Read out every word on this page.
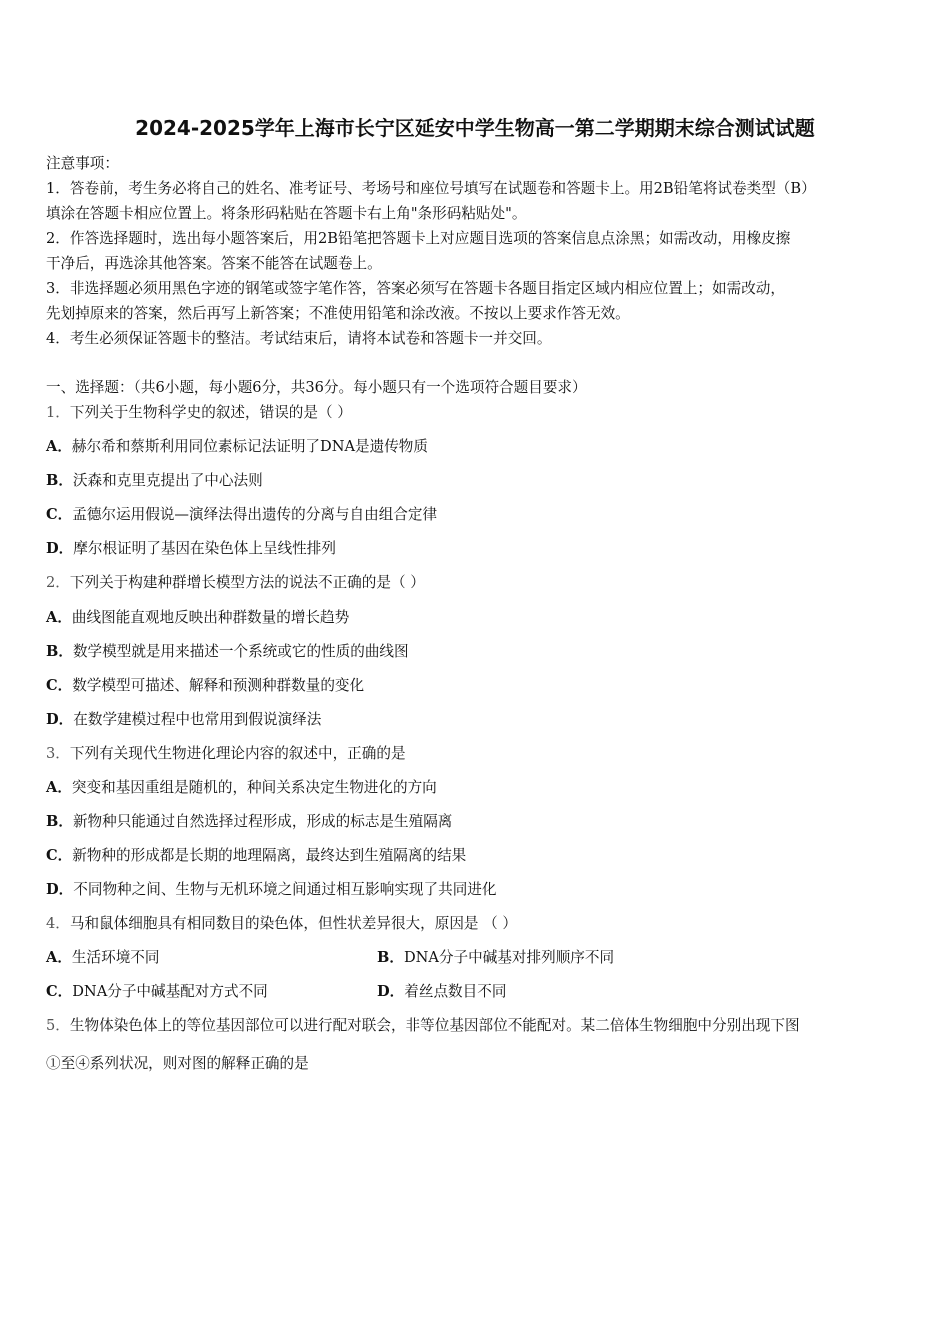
2024-2025学年上海市长宁区延安中学生物高一第二学期期末综合测试试题
注意事项：
1．答卷前，考生务必将自己的姓名、准考证号、考场号和座位号填写在试题卷和答题卡上。用2B铅笔将试卷类型（B）
填涂在答题卡相应位置上。将条形码粘贴在答题卡右上角"条形码粘贴处"。
2．作答选择题时，选出每小题答案后，用2B铅笔把答题卡上对应题目选项的答案信息点涂黑；如需改动，用橡皮擦
干净后，再选涂其他答案。答案不能答在试题卷上。
3．非选择题必须用黑色字迹的钢笔或签字笔作答，答案必须写在答题卡各题目指定区域内相应位置上；如需改动，
先划掉原来的答案，然后再写上新答案；不准使用铅笔和涂改液。不按以上要求作答无效。
4．考生必须保证答题卡的整洁。考试结束后，请将本试卷和答题卡一并交回。
一、选择题：（共6小题，每小题6分，共36分。每小题只有一个选项符合题目要求）
1．下列关于生物科学史的叙述，错误的是（ ）
A．赫尔希和蔡斯利用同位素标记法证明了DNA是遗传物质
B．沃森和克里克提出了中心法则
C．孟德尔运用假说—演绎法得出遗传的分离与自由组合定律
D．摩尔根证明了基因在染色体上呈线性排列
2．下列关于构建种群增长模型方法的说法不正确的是（ ）
A．曲线图能直观地反映出种群数量的增长趋势
B．数学模型就是用来描述一个系统或它的性质的曲线图
C．数学模型可描述、解释和预测种群数量的变化
D．在数学建模过程中也常用到假说演绎法
3．下列有关现代生物进化理论内容的叙述中，正确的是
A．突变和基因重组是随机的，种间关系决定生物进化的方向
B．新物种只能通过自然选择过程形成，形成的标志是生殖隔离
C．新物种的形成都是长期的地理隔离，最终达到生殖隔离的结果
D．不同物种之间、生物与无机环境之间通过相互影响实现了共同进化
4．马和鼠体细胞具有相同数目的染色体，但性状差异很大，原因是 （ ）
A．生活环境不同	B．DNA分子中碱基对排列顺序不同
C．DNA分子中碱基配对方式不同	D．着丝点数目不同
5．生物体染色体上的等位基因部位可以进行配对联会，非等位基因部位不能配对。某二倍体生物细胞中分别出现下图
①至④系列状况，则对图的解释正确的是
